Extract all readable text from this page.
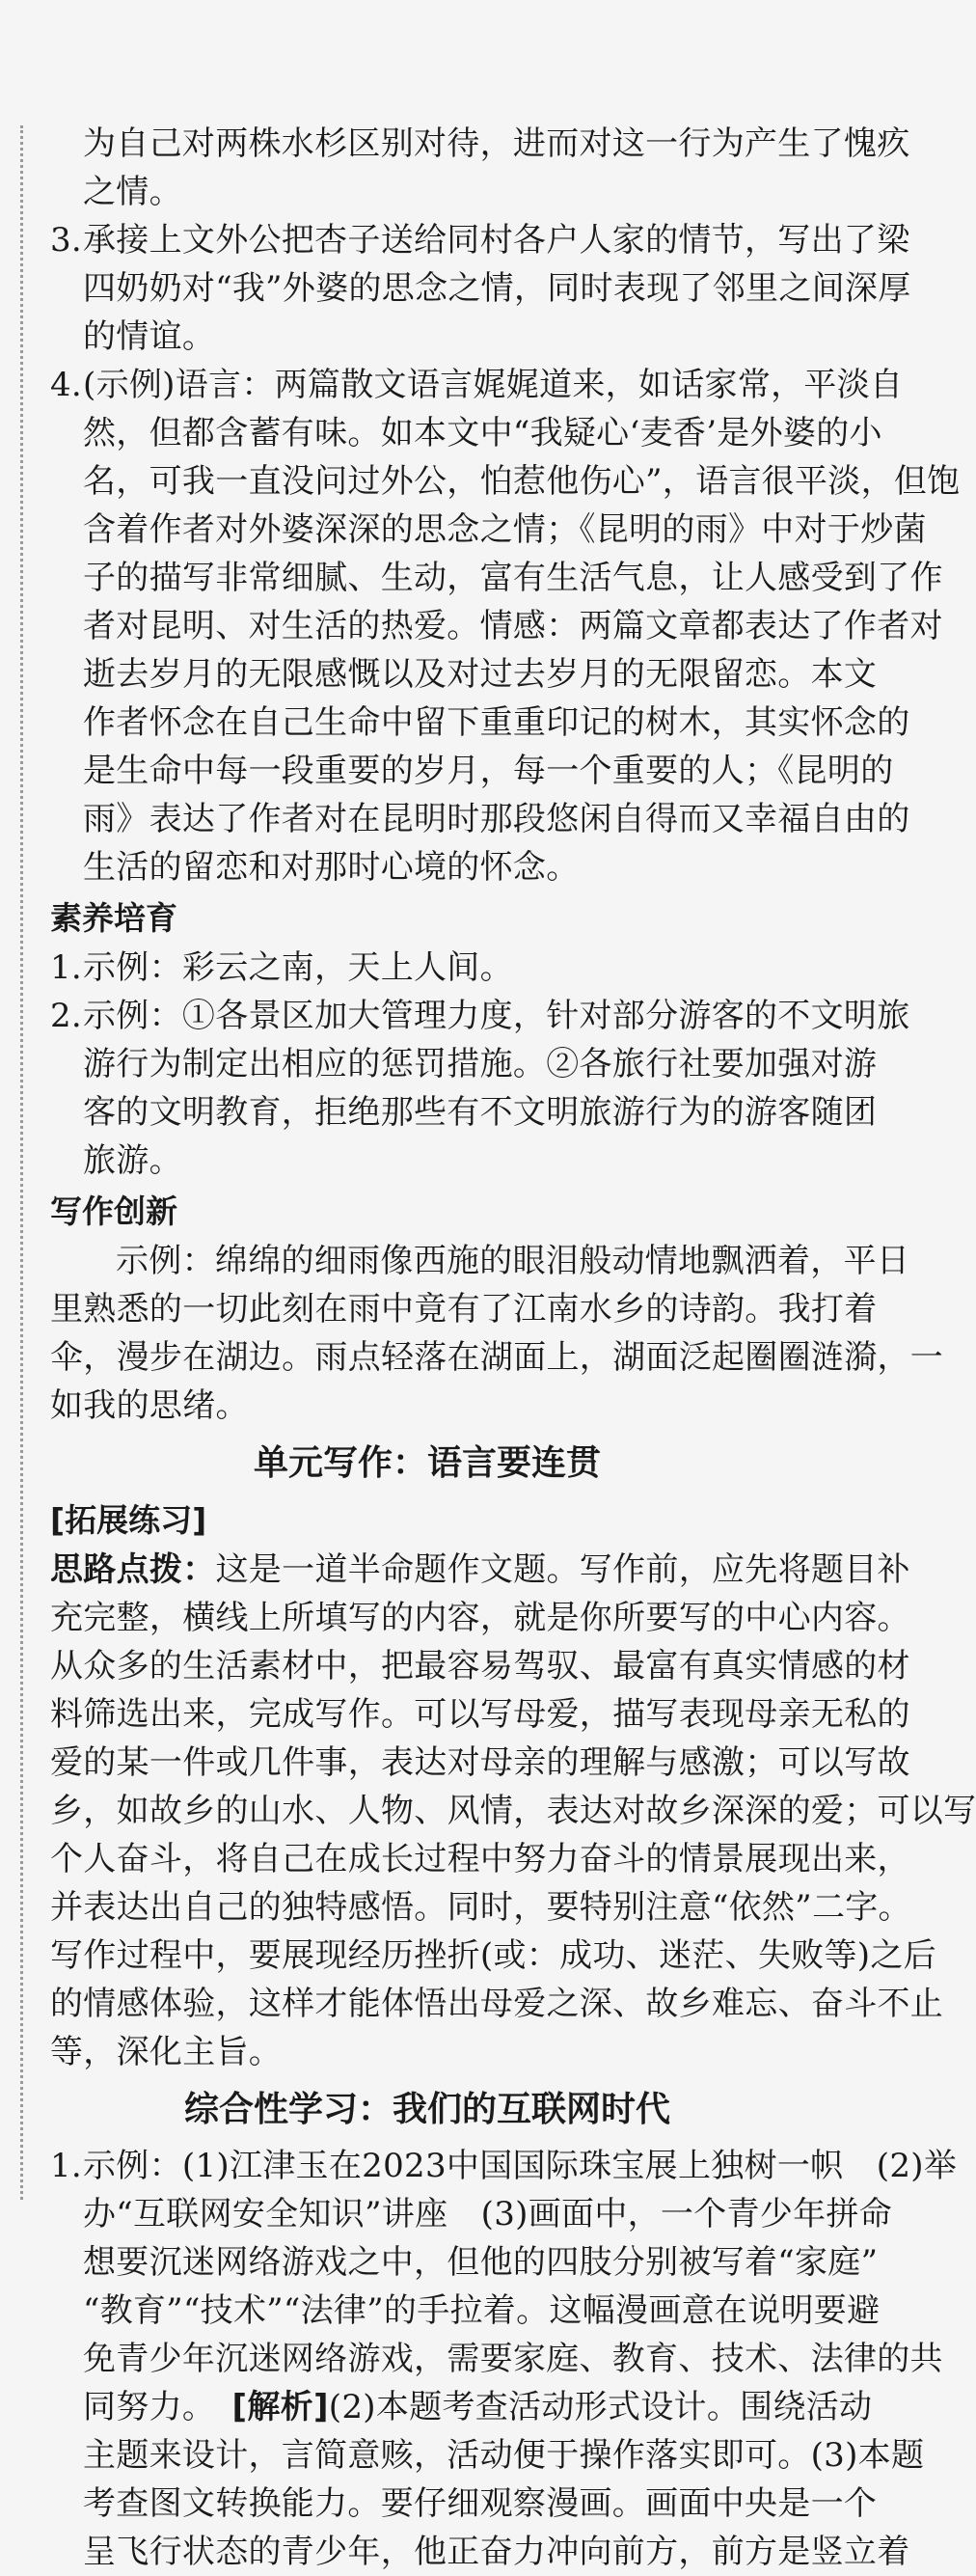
为自己对两株水杉区别对待，进而对这一行为产生了愧疚

之情。

3. 承接上文外公把杏子送给同村各户人家的情节，写出了梁

四奶奶对“我”外婆的思念之情，同时表现了邻里之间深厚

的情谊。

4. (示例)语言：两篇散文语言娓娓道来，如话家常，平淡自

然，但都含蓄有味。如本文中“我疑心‘麦香’是外婆的小

名，可我一直没问过外公，怕惹他伤心”，语言很平淡，但饱

含着作者对外婆深深的思念之情；《昆明的雨》中对于炒菌

子的描写非常细腻、生动，富有生活气息，让人感受到了作

者对昆明、对生活的热爱。情感：两篇文章都表达了作者对

逝去岁月的无限感慨以及对过去岁月的无限留恋。本文

作者怀念在自己生命中留下重重印记的树木，其实怀念的

是生命中每一段重要的岁月，每一个重要的人；《昆明的

雨》表达了作者对在昆明时那段悠闲自得而又幸福自由的

生活的留恋和对那时心境的怀念。

素养培育

1. 示例：彩云之南，天上人间。

2. 示例：①各景区加大管理力度，针对部分游客的不文明旅

游行为制定出相应的惩罚措施。②各旅行社要加强对游

客的文明教育，拒绝那些有不文明旅游行为的游客随团

旅游。

写作创新

示例：绵绵的细雨像西施的眼泪般动情地飘洒着，平日

里熟悉的一切此刻在雨中竟有了江南水乡的诗韵。我打着

伞，漫步在湖边。雨点轻落在湖面上，湖面泛起圈圈涟漪，一

如我的思绪。

单元写作：语言要连贯

[拓展练习]

思路点拨：这是一道半命题作文题。写作前，应先将题目补

充完整，横线上所填写的内容，就是你所要写的中心内容。

从众多的生活素材中，把最容易驾驭、最富有真实情感的材

料筛选出来，完成写作。可以写母爱，描写表现母亲无私的

爱的某一件或几件事，表达对母亲的理解与感激；可以写故

乡，如故乡的山水、人物、风情，表达对故乡深深的爱；可以写

个人奋斗，将自己在成长过程中努力奋斗的情景展现出来，

并表达出自己的独特感悟。同时，要特别注意“依然”二字。

写作过程中，要展现经历挫折(或：成功、迷茫、失败等)之后

的情感体验，这样才能体悟出母爱之深、故乡难忘、奋斗不止

等，深化主旨。

综合性学习：我们的互联网时代

1. 示例：(1)江津玉在2023中国国际珠宝展上独树一帜　(2)举

办“互联网安全知识”讲座　(3)画面中，一个青少年拼命

想要沉迷网络游戏之中，但他的四肢分别被写着“家庭”

“教育”“技术”“法律”的手拉着。这幅漫画意在说明要避

免青少年沉迷网络游戏，需要家庭、教育、技术、法律的共

同努力。　[解析](2)本题考查活动形式设计。围绕活动

主题来设计，言简意赅，活动便于操作落实即可。(3)本题

考查图文转换能力。要仔细观察漫画。画面中央是一个

呈飞行状态的青少年，他正奋力冲向前方，前方是竖立着
